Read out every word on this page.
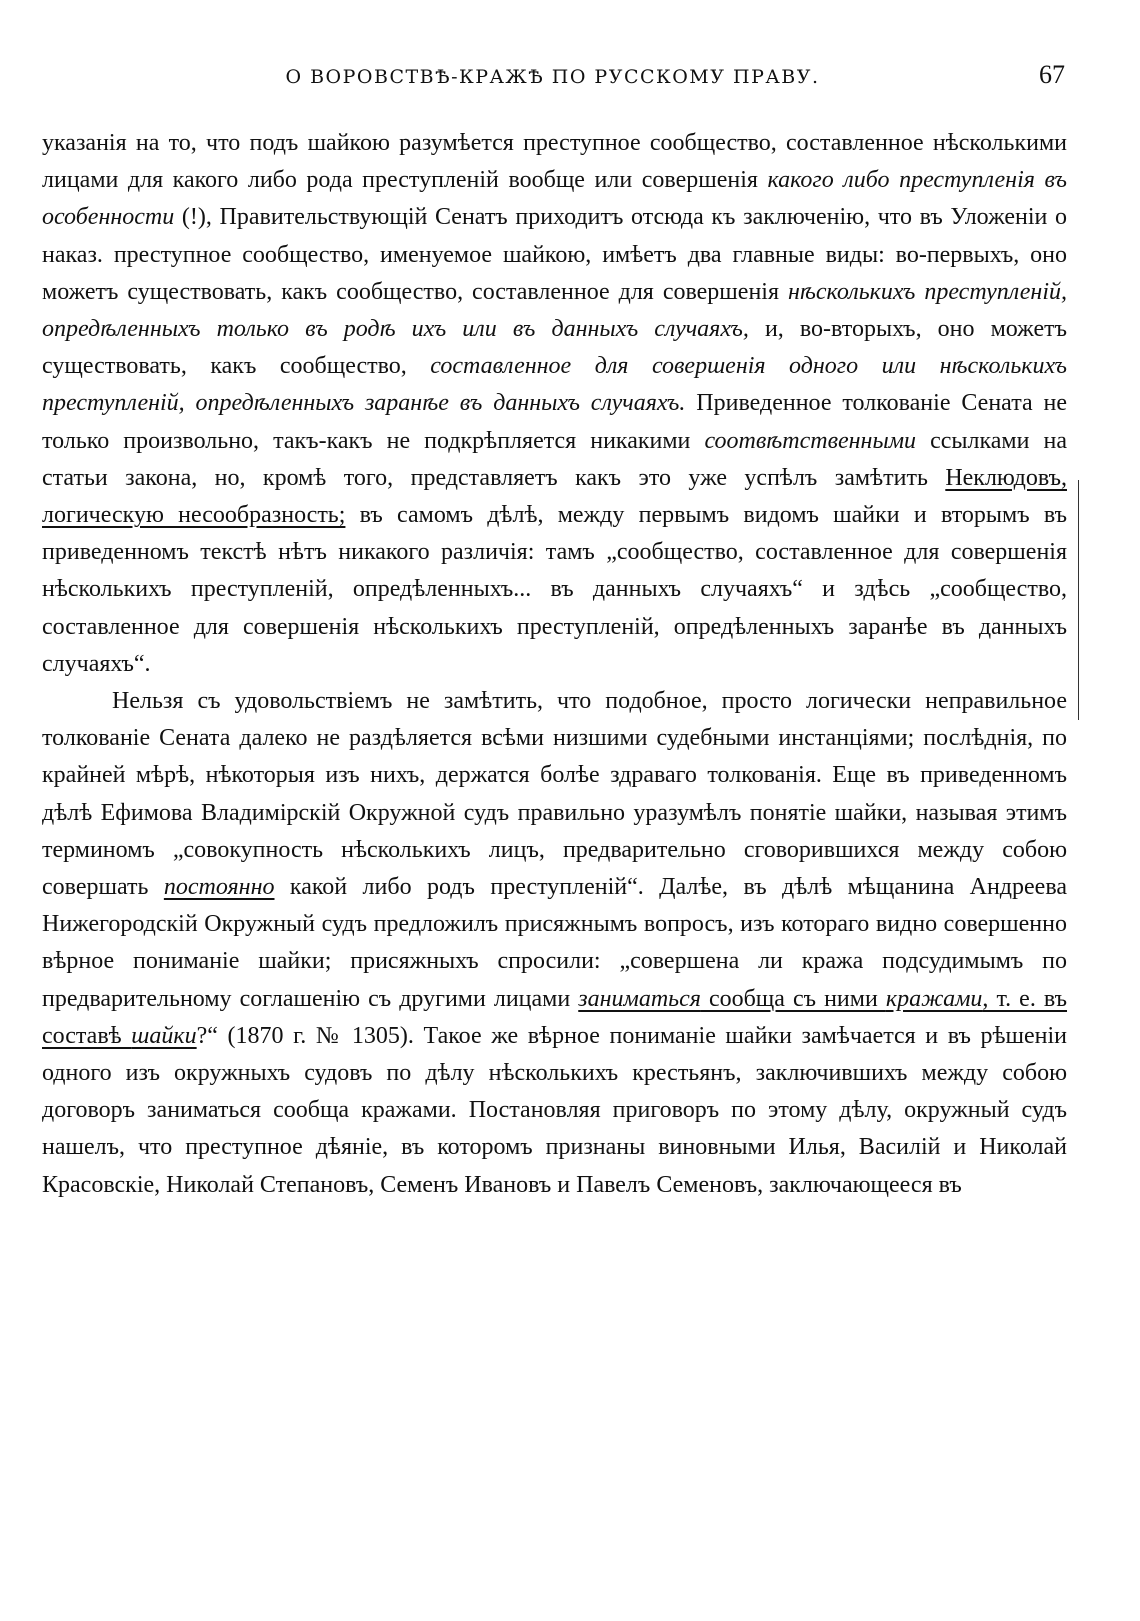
О ВОРОВСТВѢ-КРАЖѢ ПО РУССКОМУ ПРАВУ.	67

указанія на то, что подъ шайкою разумѣется преступное сообщество, составленное нѣсколькими лицами для какого либо рода преступленій вообще или совершенія какого либо преступленія въ особенности (!), Правительствующій Сенатъ приходитъ отсюда къ заключенію, что въ Уложеніи о наказ. преступное сообщество, именуемое шайкою, имѣетъ два главные виды: во-первыхъ, оно можетъ существовать, какъ сообщество, составленное для совершенія нѣсколькихъ преступленій, опредѣленныхъ только въ родѣ ихъ или въ данныхъ случаяхъ, и, во-вторыхъ, оно можетъ существовать, какъ сообщество, составленное для совершенія одного или нѣсколькихъ преступленій, опредѣленныхъ заранѣе въ данныхъ случаяхъ. Приведенное толкованіе Сената не только произвольно, такъ-какъ не подкрѣпляется никакими соотвѣтственными ссылками на статьи закона, но, кромѣ того, представляетъ какъ это уже успѣлъ замѣтить Неклюдовъ, логическую несообразность; въ самомъ дѣлѣ, между первымъ видомъ шайки и вторымъ въ приведенномъ текстѣ нѣтъ никакого различія: тамъ „сообщество, составленное для совершенія нѣсколькихъ преступленій, опредѣленныхъ... въ данныхъ случаяхъ“ и здѣсь „сообщество, составленное для совершенія нѣсколькихъ преступленій, опредѣленныхъ заранѣе въ данныхъ случаяхъ“.

Нельзя съ удовольствіемъ не замѣтить, что подобное, просто логически неправильное толкованіе Сената далеко не раздѣляется всѣми низшими судебными инстанціями; послѣднія, по крайней мѣрѣ, нѣкоторыя изъ нихъ, держатся болѣе здраваго толкованія. Еще въ приведенномъ дѣлѣ Ефимова Владимірскій Окружной судъ правильно уразумѣлъ понятіе шайки, называя этимъ терминомъ „совокупность нѣсколькихъ лицъ, предварительно сговорившихся между собою совершать постоянно какой либо родъ преступленій“. Далѣе, въ дѣлѣ мѣщанина Андреева Нижегородскій Окружный судъ предложилъ присяжнымъ вопросъ, изъ котораго видно совершенно вѣрное пониманіе шайки; присяжныхъ спросили: „совершена ли кража подсудимымъ по предварительному соглашенію съ другими лицами заниматься сообща съ ними кражами, т. е. въ составѣ шайки?“ (1870 г. № 1305). Такое же вѣрное пониманіе шайки замѣчается и въ рѣшеніи одного изъ окружныхъ судовъ по дѣлу нѣсколькихъ крестьянъ, заключившихъ между собою договоръ заниматься сообща кражами. Постановляя приговоръ по этому дѣлу, окружный судъ нашелъ, что преступное дѣяніе, въ которомъ признаны виновными Илья, Василій и Николай Красовскіе, Николай Степановъ, Семенъ Ивановъ и Павелъ Семеновъ, заключающееся въ
